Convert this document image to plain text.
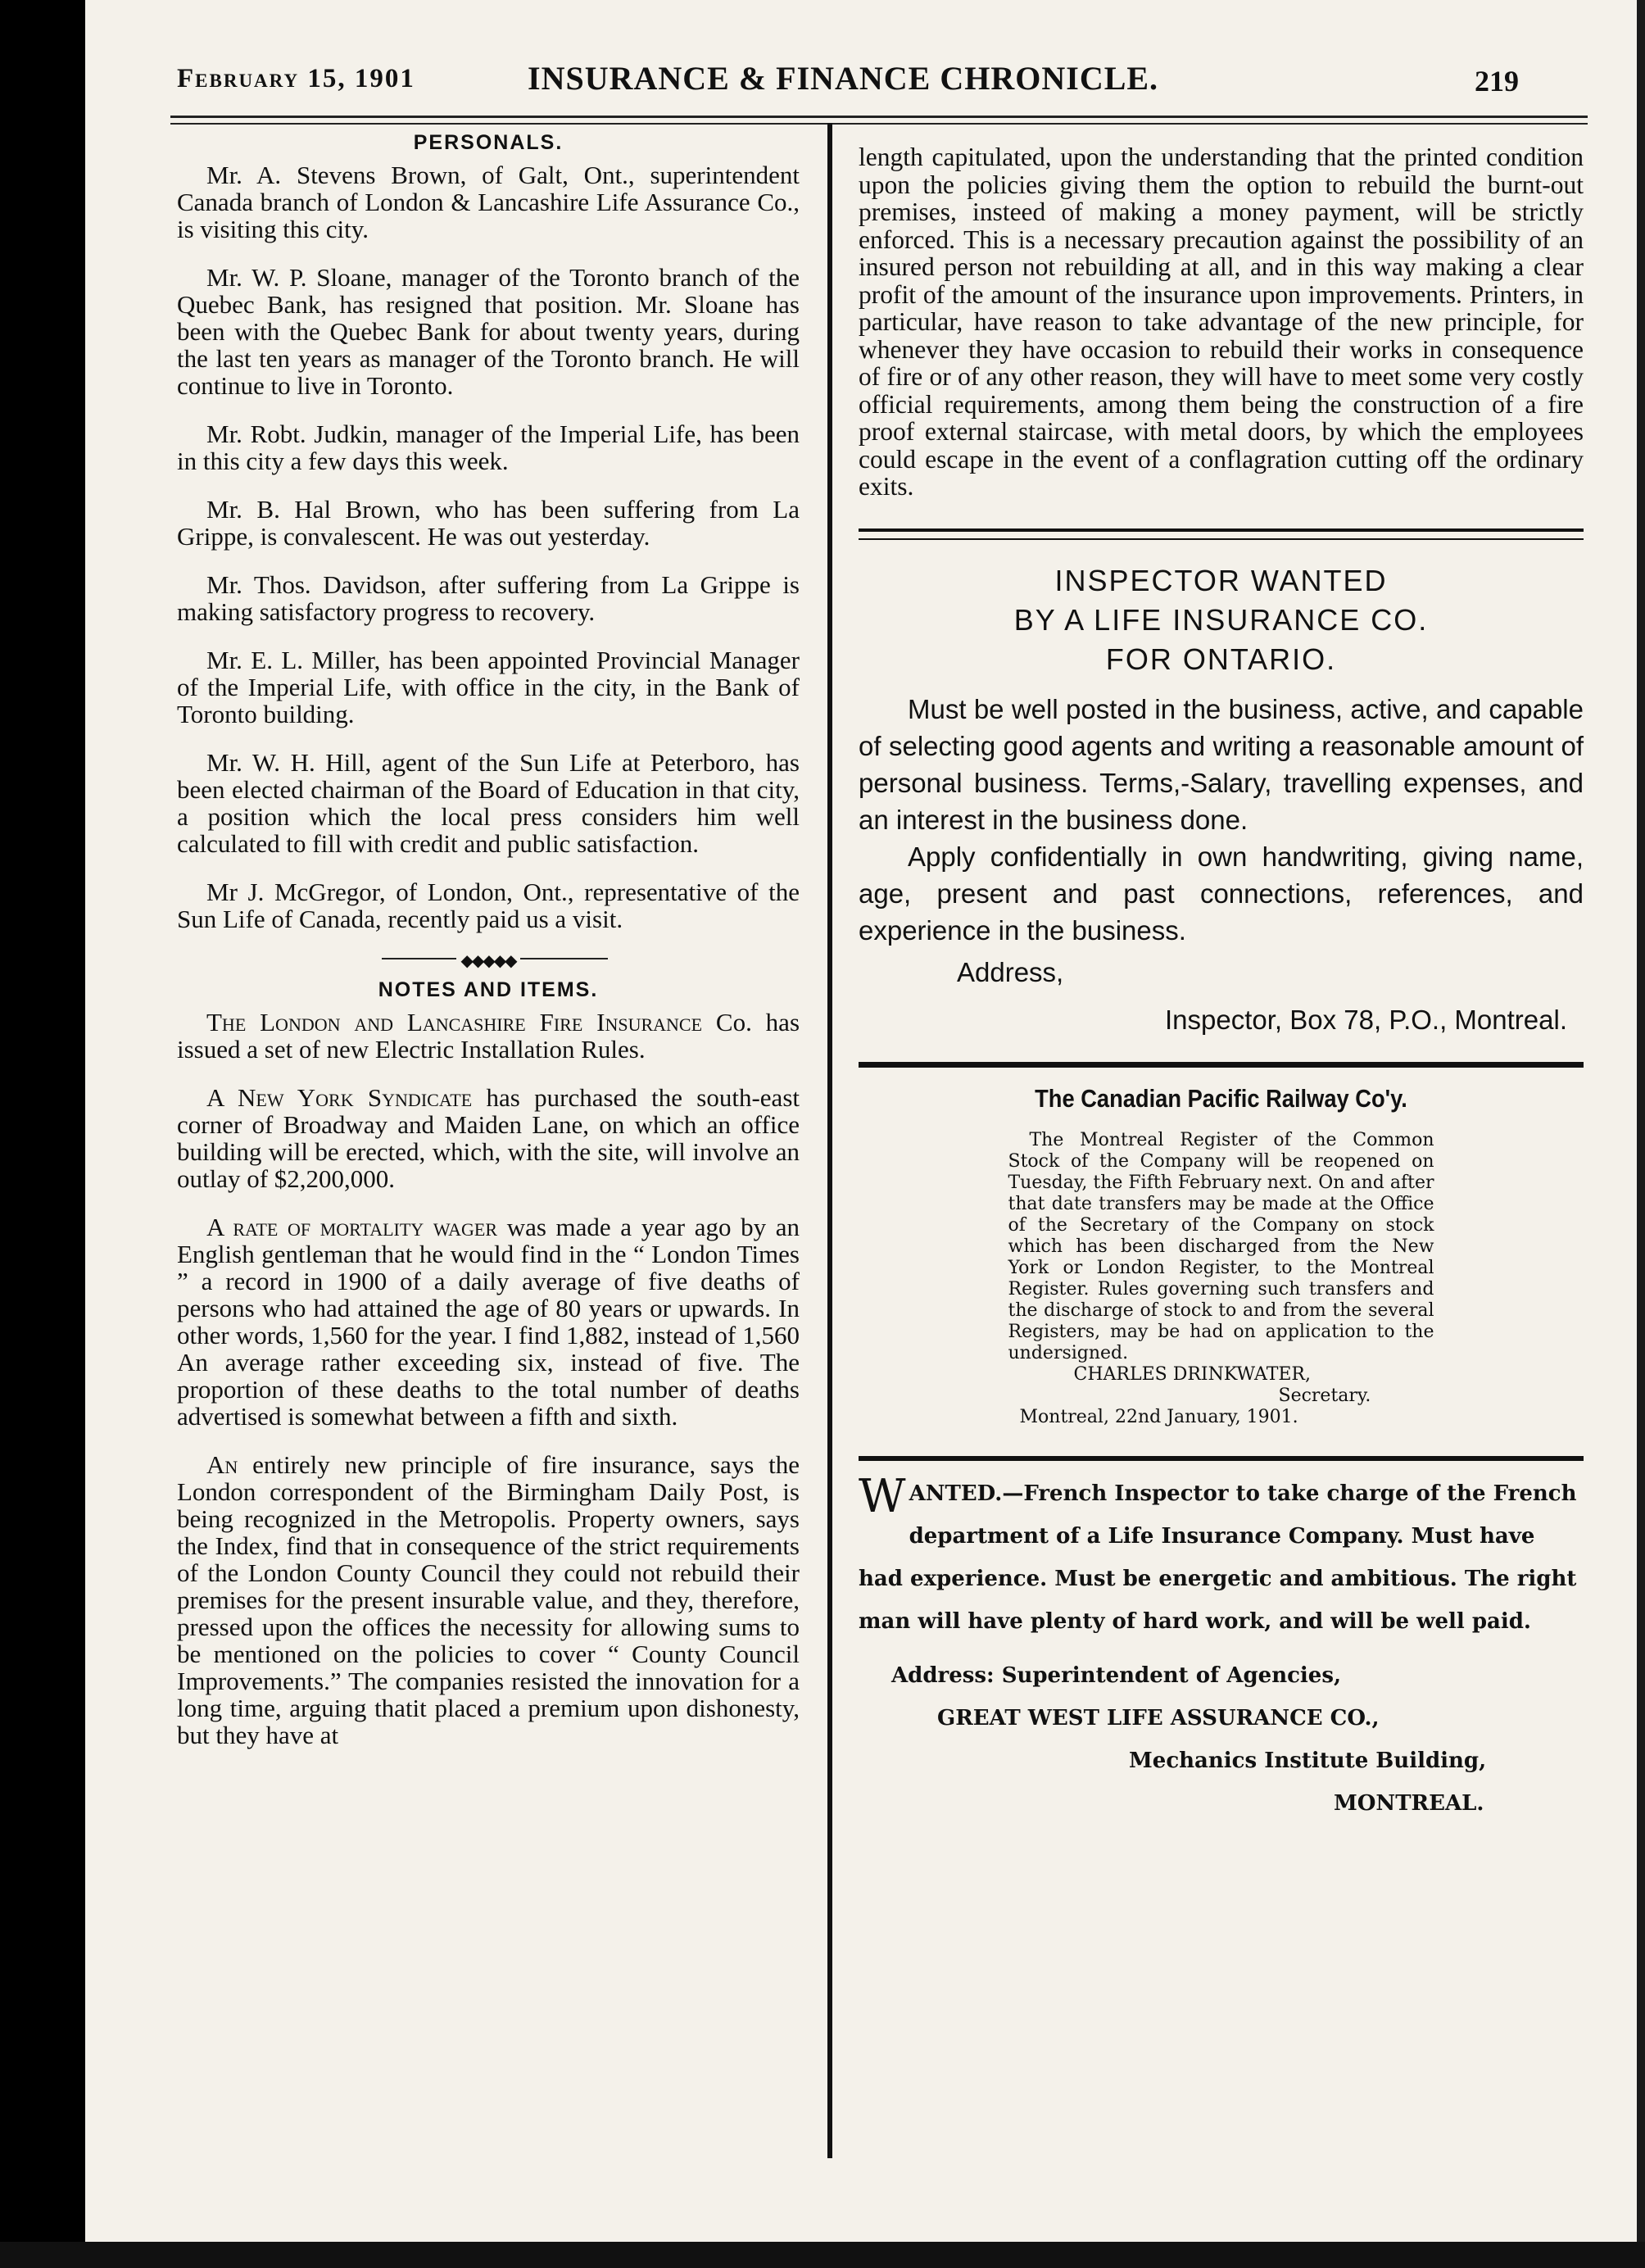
February 15, 1901	INSURANCE & FINANCE CHRONICLE.	219
PERSONALS.

Mr. A. Stevens Brown, of Galt, Ont., superintendent Canada branch of London & Lancashire Life Assurance Co., is visiting this city.

Mr. W. P. Sloane, manager of the Toronto branch of the Quebec Bank, has resigned that position. Mr. Sloane has been with the Quebec Bank for about twenty years, during the last ten years as manager of the Toronto branch. He will continue to live in Toronto.

Mr. Robt. Judkin, manager of the Imperial Life, has been in this city a few days this week.

Mr. B. Hal Brown, who has been suffering from La Grippe, is convalescent. He was out yesterday.

Mr. Thos. Davidson, after suffering from La Grippe is making satisfactory progress to recovery.

Mr. E. L. Miller, has been appointed Provincial Manager of the Imperial Life, with office in the city, in the Bank of Toronto building.

Mr. W. H. Hill, agent of the Sun Life at Peterboro, has been elected chairman of the Board of Education in that city, a position which the local press considers him well calculated to fill with credit and public satisfaction.

Mr J. McGregor, of London, Ont., representative of the Sun Life of Canada, recently paid us a visit.

◆◆◆◆◆
NOTES AND ITEMS.

The London and Lancashire Fire Insurance Co. has issued a set of new Electric Installation Rules.

A New York Syndicate has purchased the south-east corner of Broadway and Maiden Lane, on which an office building will be erected, which, with the site, will involve an outlay of $2,200,000.

A rate of mortality wager was made a year ago by an English gentleman that he would find in the “ London Times ” a record in 1900 of a daily average of five deaths of persons who had attained the age of 80 years or upwards. In other words, 1,560 for the year. I find 1,882, instead of 1,560 An average rather exceeding six, instead of five. The proportion of these deaths to the total number of deaths advertised is somewhat between a fifth and sixth.

An entirely new principle of fire insurance, says the London correspondent of the Birmingham Daily Post, is being recognized in the Metropolis. Property owners, says the Index, find that in consequence of the strict requirements of the London County Council they could not rebuild their premises for the present insurable value, and they, therefore, pressed upon the offices the necessity for allowing sums to be mentioned on the policies to cover “ County Council Improvements.” The companies resisted the innovation for a long time, arguing thatit placed a premium upon dishonesty, but they have at

length capitulated, upon the understanding that the printed condition upon the policies giving them the option to rebuild the burnt-out premises, insteed of making a money payment, will be strictly enforced. This is a necessary precaution against the possibility of an insured person not rebuilding at all, and in this way making a clear profit of the amount of the insurance upon improvements. Printers, in particular, have reason to take advantage of the new principle, for whenever they have occasion to rebuild their works in consequence of fire or of any other reason, they will have to meet some very costly official requirements, among them being the construction of a fire proof external staircase, with metal doors, by which the employees could escape in the event of a conflagration cutting off the ordinary exits.

INSPECTOR WANTED
BY A LIFE INSURANCE CO.
FOR ONTARIO.

Must be well posted in the business, active, and capable of selecting good agents and writing a reasonable amount of personal business. Terms,-Salary, travelling expenses, and an interest in the business done.

Apply confidentially in own handwriting, giving name, age, present and past connections, references, and experience in the business.

Address,
Inspector, Box 78, P.O., Montreal.
The Canadian Pacific Railway Co'y.
The Montreal Register of the Common Stock of the Company will be reopened on Tuesday, the Fifth February next. On and after that date transfers may be made at the Office of the Secretary of the Company on stock which has been discharged from the New York or London Register, to the Montreal Register. Rules governing such transfers and the discharge of stock to and from the several Registers, may be had on application to the undersigned.
CHARLES DRINKWATER,
Secretary.
Montreal, 22nd January, 1901.
W ANTED.—French Inspector to take charge of the French department of a Life Insurance Company. Must have had experience. Must be energetic and ambitious. The right man will have plenty of hard work, and will be well paid.
Address: Superintendent of Agencies,
GREAT WEST LIFE ASSURANCE CO.,
Mechanics Institute Building,
MONTREAL.
